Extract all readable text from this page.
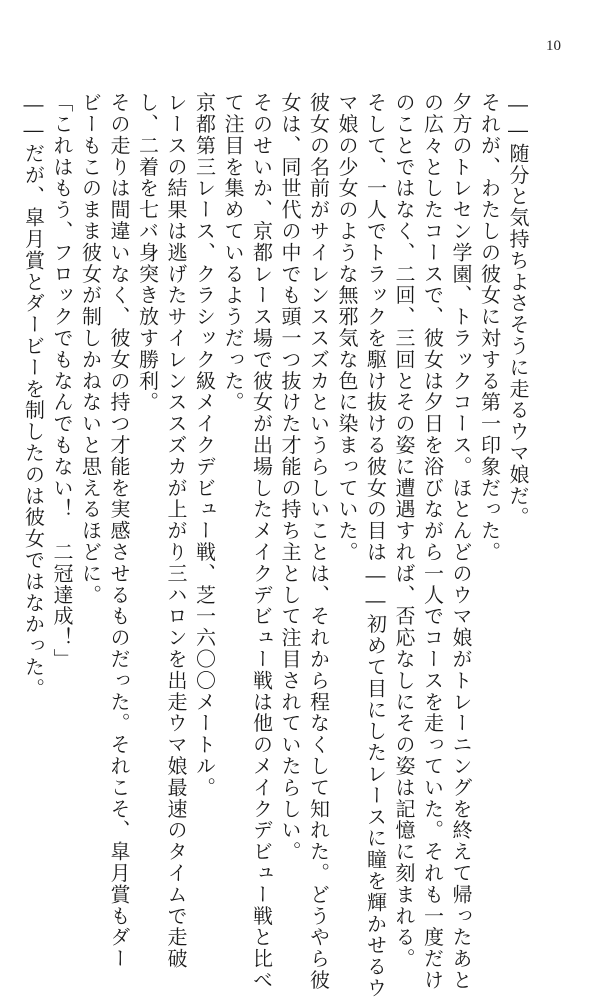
10

――随分と気持ちよさそうに走るウマ娘だ。

それが、わたしの彼女に対する第一印象だった。

夕方のトレセン学園、トラックコース。ほとんどのウマ娘がトレーニングを終えて帰ったあと

の広々としたコースで、彼女は夕日を浴びながら一人でコースを走っていた。それも一度だけ

のことではなく、二回、三回とその姿に遭遇すれば、否応なしにその姿は記憶に刻まれる。

そして、一人でトラックを駆け抜ける彼女の目は――初めて目にしたレースに瞳を輝かせるウ

マ娘の少女のような無邪気な色に染まっていた。

彼女の名前がサイレンススズカというらしいことは、それから程なくして知れた。どうやら彼

女は、同世代の中でも頭一つ抜けた才能の持ち主として注目されていたらしい。

そのせいか、京都レース場で彼女が出場したメイクデビュー戦は他のメイクデビュー戦と比べ

て注目を集めているようだった。

京都第三レース、クラシック級メイクデビュー戦、芝一六〇〇メートル。

レースの結果は逃げたサイレンススズカが上がり三ハロンを出走ウマ娘最速のタイムで走破

し、二着を七バ身突き放す勝利。

その走りは間違いなく、彼女の持つ才能を実感させるものだった。それこそ、皐月賞もダー

ビーもこのまま彼女が制しかねないと思えるほどに。

「これはもう、フロックでもなんでもない！　二冠達成！」

――だが、皐月賞とダービーを制したのは彼女ではなかった。
